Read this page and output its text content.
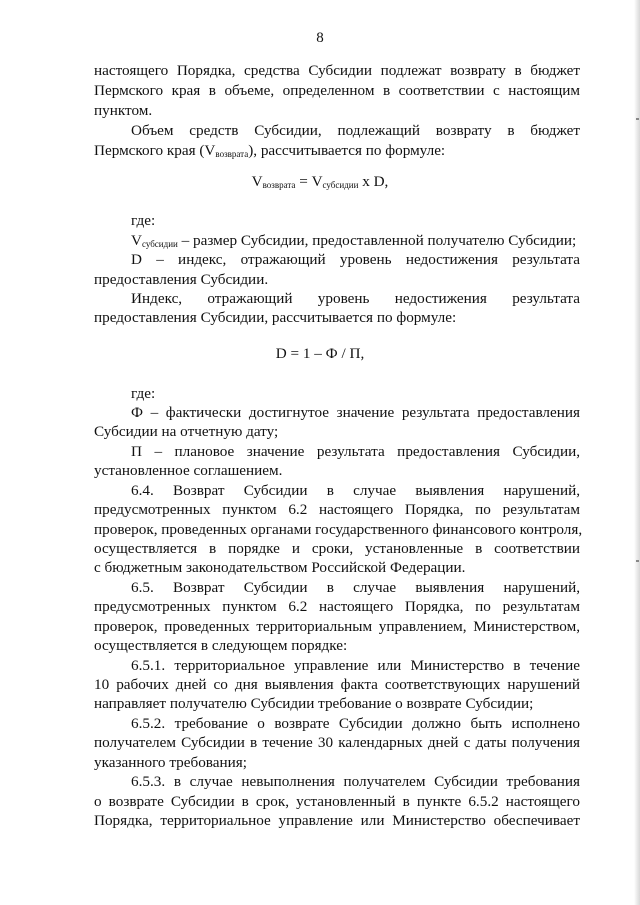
8
настоящего Порядка, средства Субсидии подлежат возврату в бюджет
Пермского края в объеме, определенном в соответствии с настоящим
пунктом.
Объем средств Субсидии, подлежащий возврату в бюджет
Пермского края $(V_{возврата})$, рассчитывается по формуле:
$V_{возврата} = V_{субсидии}$ x D,
где:
$V_{субсидии}$ – размер Субсидии, предоставленной получателю Субсидии;
D – индекс, отражающий уровень недостижения результата
предоставления Субсидии.
Индекс, отражающий уровень недостижения результата
предоставления Субсидии, рассчитывается по формуле:
D = 1 – Ф / П,
где:
Ф – фактически достигнутое значение результата предоставления
Субсидии на отчетную дату;
П – плановое значение результата предоставления Субсидии,
установленное соглашением.
6.4. Возврат Субсидии в случае выявления нарушений,
предусмотренных пунктом 6.2 настоящего Порядка, по результатам
проверок, проведенных органами государственного финансового контроля,
осуществляется в порядке и сроки, установленные в соответствии
с бюджетным законодательством Российской Федерации.
6.5. Возврат Субсидии в случае выявления нарушений,
предусмотренных пунктом 6.2 настоящего Порядка, по результатам
проверок, проведенных территориальным управлением, Министерством,
осуществляется в следующем порядке:
6.5.1. территориальное управление или Министерство в течение
10 рабочих дней со дня выявления факта соответствующих нарушений
направляет получателю Субсидии требование о возврате Субсидии;
6.5.2. требование о возврате Субсидии должно быть исполнено
получателем Субсидии в течение 30 календарных дней с даты получения
указанного требования;
6.5.3. в случае невыполнения получателем Субсидии требования
о возврате Субсидии в срок, установленный в пункте 6.5.2 настоящего
Порядка, территориальное управление или Министерство обеспечивает
